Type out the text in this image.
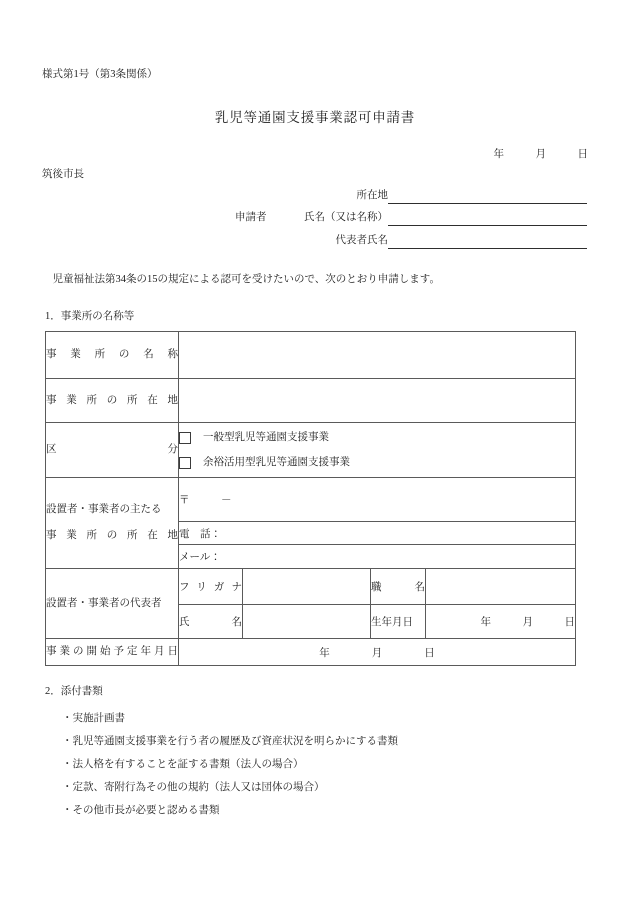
様式第1号（第3条関係）
乳児等通園支援事業認可申請書
年　　　月　　　日
筑後市長
所在地
申請者	氏名（又は名称）
代表者氏名
児童福祉法第34条の15の規定による認可を受けたいので、次のとおり申請します。
1．事業所の名称等
事業所の名称				

事業所の所在地				

区分	一般型乳児等通園支援事業
余裕活用型乳児等通園支援事業			

設置者・事業者の主たる
事業所の所在地	〒　　　－			
	電　話：			
	メール：			

設置者・事業者の代表者	フリガナ		職名	

	氏名		生年月日	年　　　月　　　日

事業の開始予定年月日	年　　　　月　　　　日			
2．添付書類
・実施計画書
・乳児等通園支援事業を行う者の履歴及び資産状況を明らかにする書類
・法人格を有することを証する書類（法人の場合）
・定款、寄附行為その他の規約（法人又は団体の場合）
・その他市長が必要と認める書類
